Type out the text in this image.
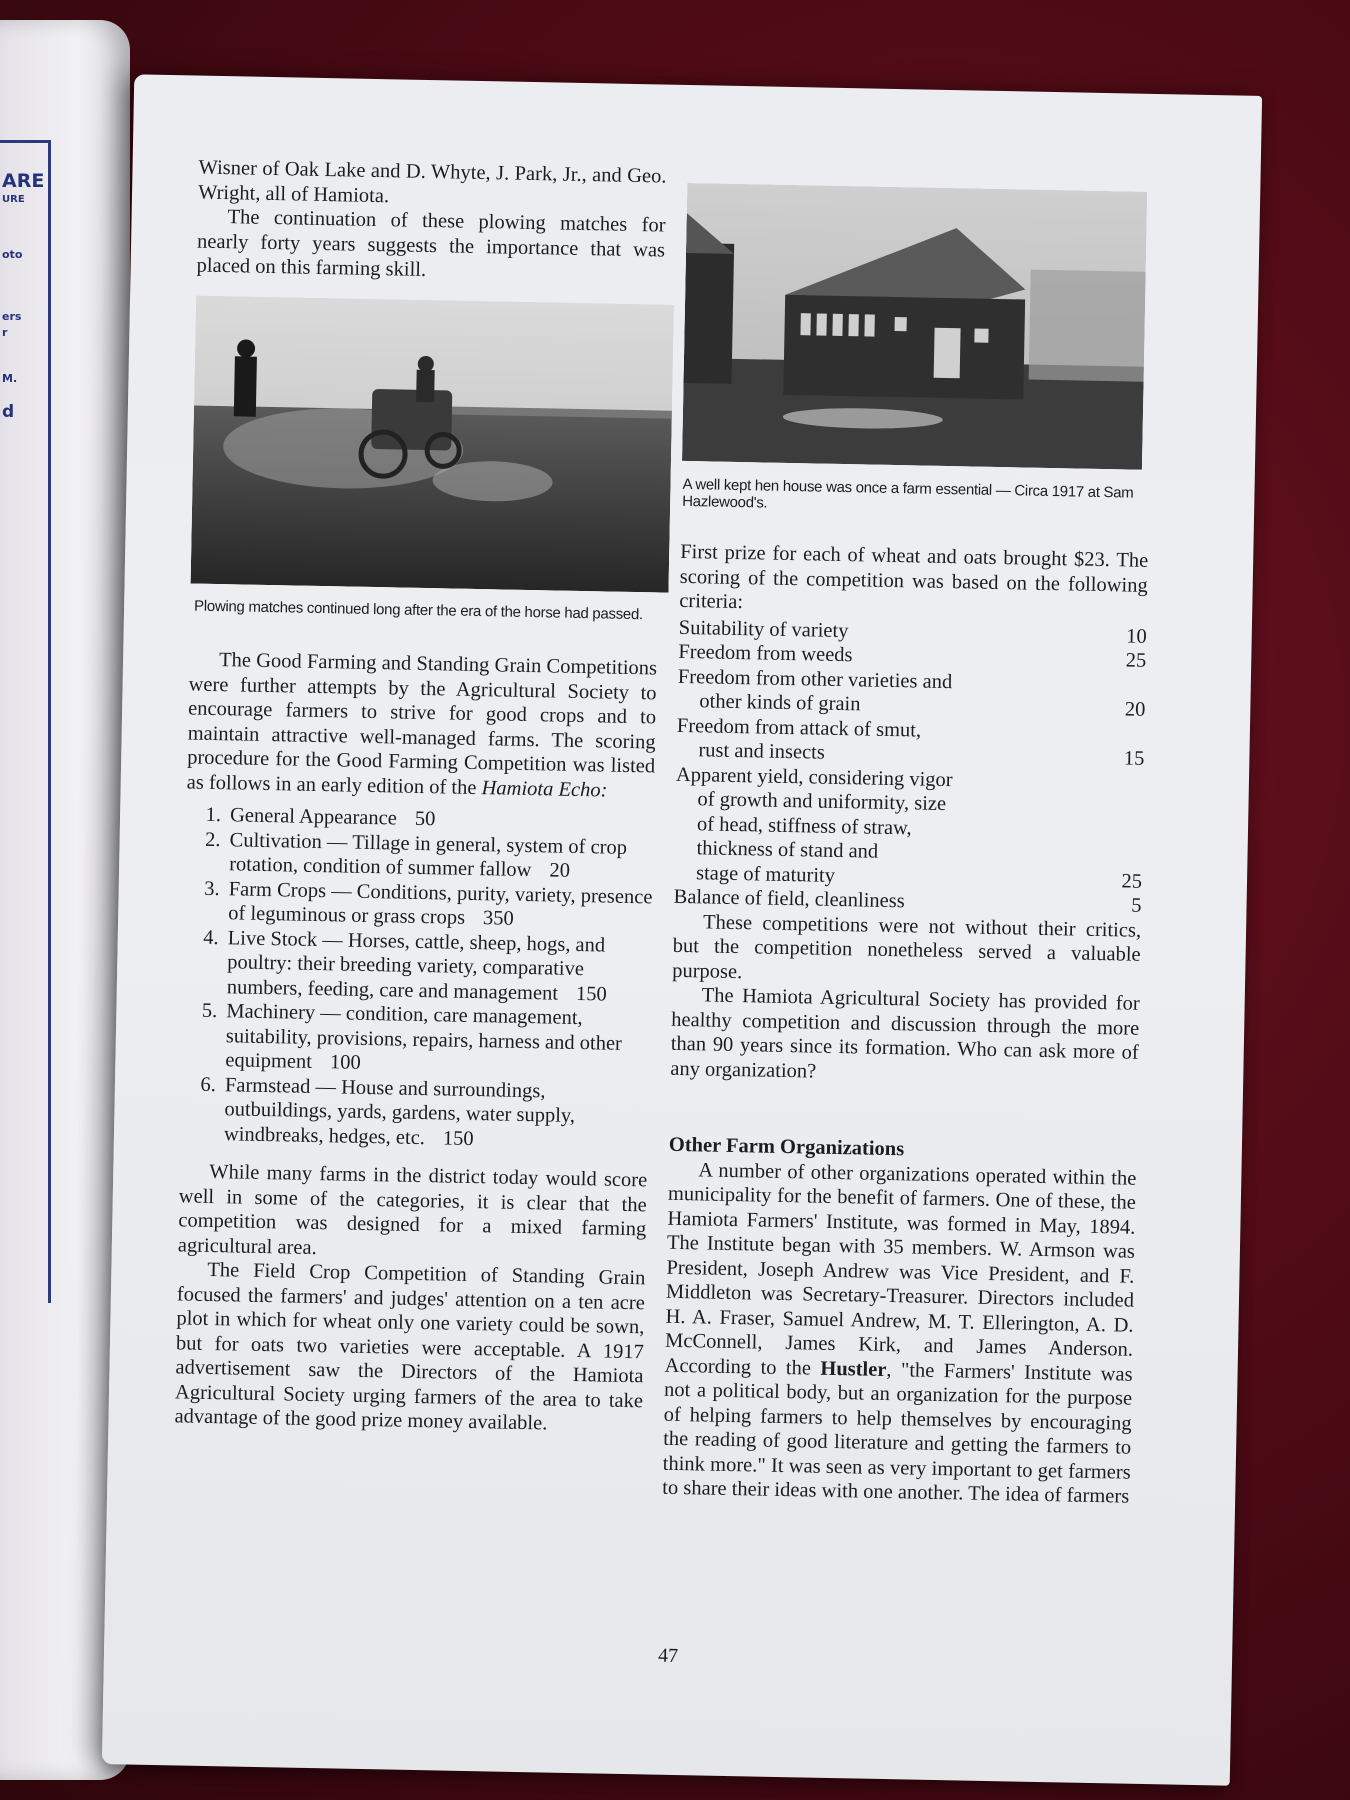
ARE
URE
oto
ers
r
M.
d

Wisner of Oak Lake and D. Whyte, J. Park, Jr., and Geo. Wright, all of Hamiota.

The continuation of these plowing matches for nearly forty years suggests the importance that was placed on this farming skill.

Plowing matches continued long after the era of the horse had passed.

The Good Farming and Standing Grain Competitions were further attempts by the Agricultural Society to encourage farmers to strive for good crops and to maintain attractive well-managed farms. The scoring procedure for the Good Farming Competition was listed as follows in an early edition of the Hamiota Echo:

1. General Appearance 50
2. Cultivation — Tillage in general, system of crop rotation, condition of summer fallow 20
3. Farm Crops — Conditions, purity, variety, presence of leguminous or grass crops 350
4. Live Stock — Horses, cattle, sheep, hogs, and poultry: their breeding variety, comparative numbers, feeding, care and management 150
5. Machinery — condition, care management, suitability, provisions, repairs, harness and other equipment 100
6. Farmstead — House and surroundings, outbuildings, yards, gardens, water supply, windbreaks, hedges, etc. 150

While many farms in the district today would score well in some of the categories, it is clear that the competition was designed for a mixed farming agricultural area.

The Field Crop Competition of Standing Grain focused the farmers' and judges' attention on a ten acre plot in which for wheat only one variety could be sown, but for oats two varieties were acceptable. A 1917 advertisement saw the Directors of the Hamiota Agricultural Society urging farmers of the area to take advantage of the good prize money available.

A well kept hen house was once a farm essential — Circa 1917 at Sam Hazlewood's.

First prize for each of wheat and oats brought $23. The scoring of the competition was based on the following criteria:

Suitability of variety	10
Freedom from weeds	25
Freedom from other varieties and
other kinds of grain	20
Freedom from attack of smut,
rust and insects	15
Apparent yield, considering vigor
of growth and uniformity, size
of head, stiffness of straw,
thickness of stand and
stage of maturity	25
Balance of field, cleanliness	5

These competitions were not without their critics, but the competition nonetheless served a valuable purpose.

The Hamiota Agricultural Society has provided for healthy competition and discussion through the more than 90 years since its formation. Who can ask more of any organization?

Other Farm Organizations

A number of other organizations operated within the municipality for the benefit of farmers. One of these, the Hamiota Farmers' Institute, was formed in May, 1894. The Institute began with 35 members. W. Armson was President, Joseph Andrew was Vice President, and F. Middleton was Secretary-Treasurer. Directors included H. A. Fraser, Samuel Andrew, M. T. Ellerington, A. D. McConnell, James Kirk, and James Anderson. According to the Hustler, "the Farmers' Institute was not a political body, but an organization for the purpose of helping farmers to help themselves by encouraging the reading of good literature and getting the farmers to think more." It was seen as very important to get farmers to share their ideas with one another. The idea of farmers

47
